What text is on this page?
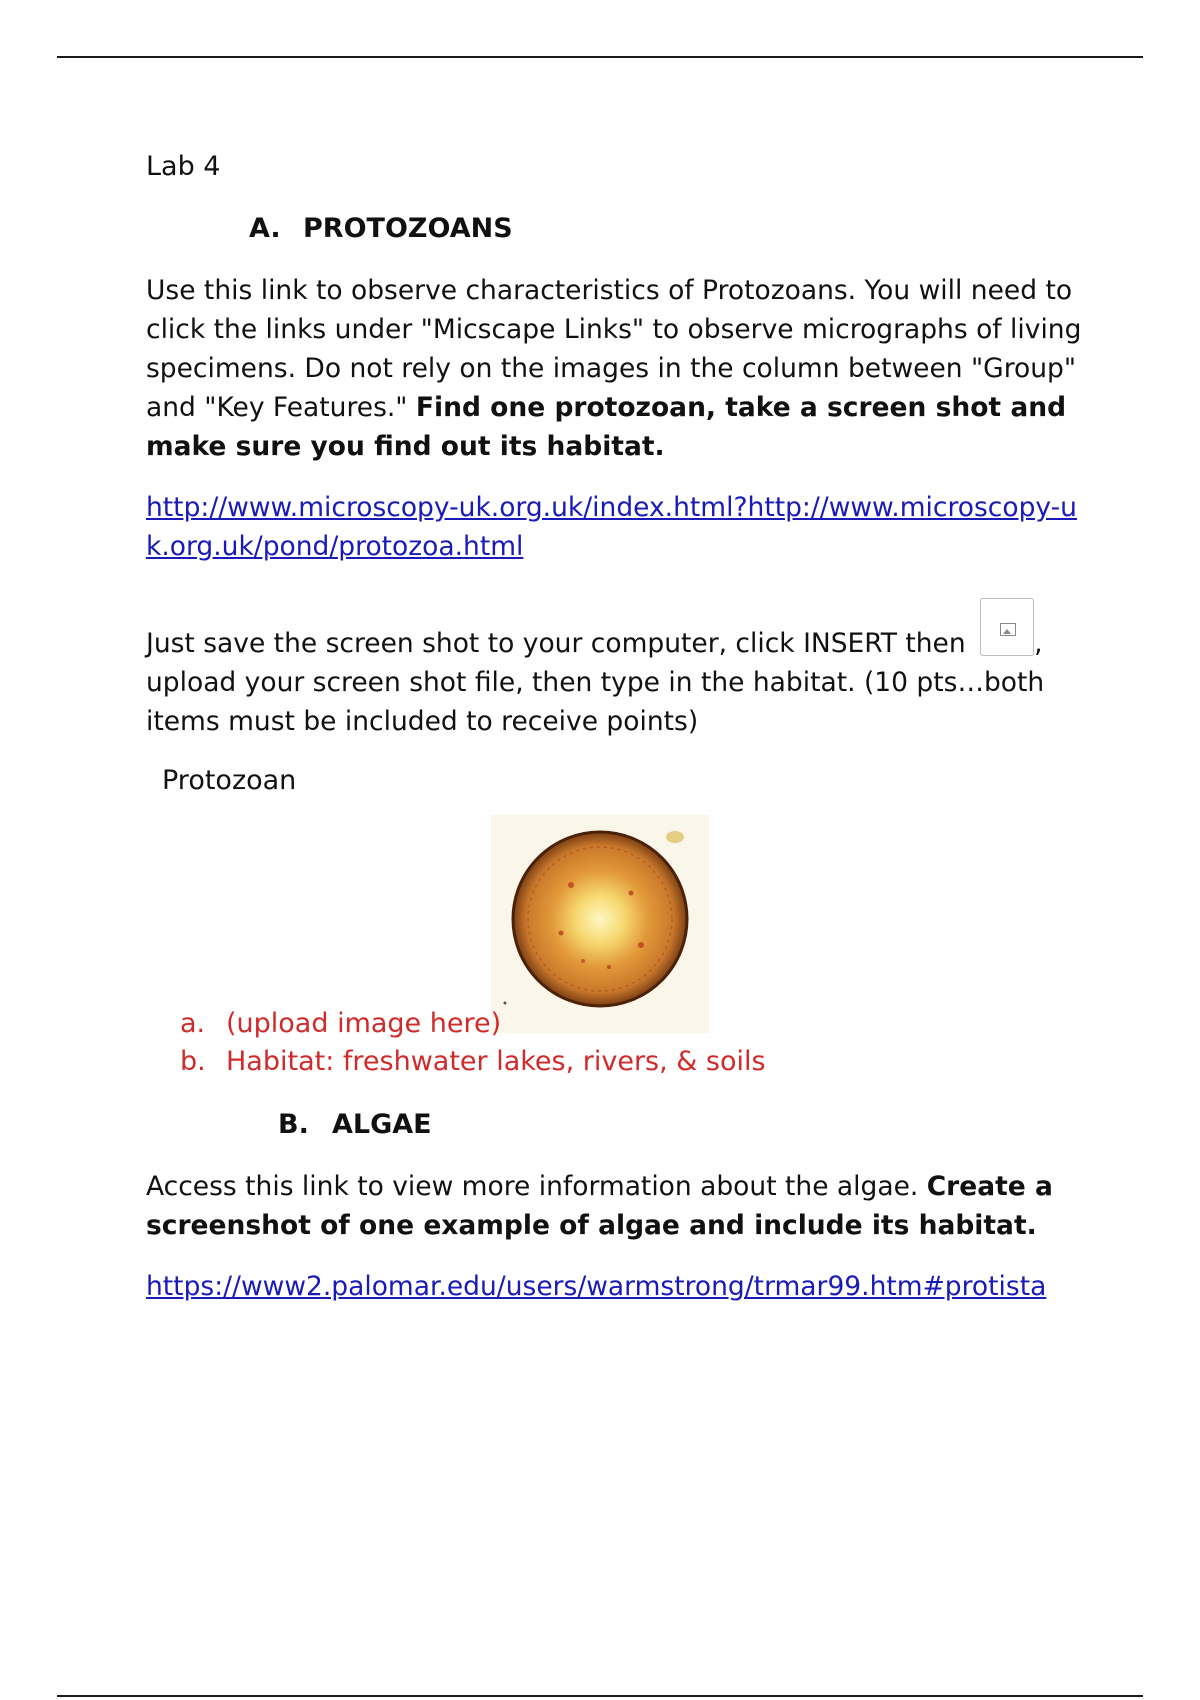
Lab 4

A. PROTOZOANS

Use this link to observe characteristics of Protozoans. You will need to click the links under "Micscape Links" to observe micrographs of living specimens. Do not rely on the images in the column between "Group" and "Key Features." Find one protozoan, take a screen shot and make sure you find out its habitat.

http://www.microscopy-uk.org.uk/index.html?http://www.microscopy-uk.org.uk/pond/protozoa.html

Just save the screen shot to your computer, click INSERT then
, upload your screen shot file, then type in the habitat. (10 pts…both items must be included to receive points)

Protozoan

a. (upload image here)
b. Habitat: freshwater lakes, rivers, & soils
B. ALGAE

Access this link to view more information about the algae. Create a screenshot of one example of algae and include its habitat.

https://www2.palomar.edu/users/warmstrong/trmar99.htm#protista
